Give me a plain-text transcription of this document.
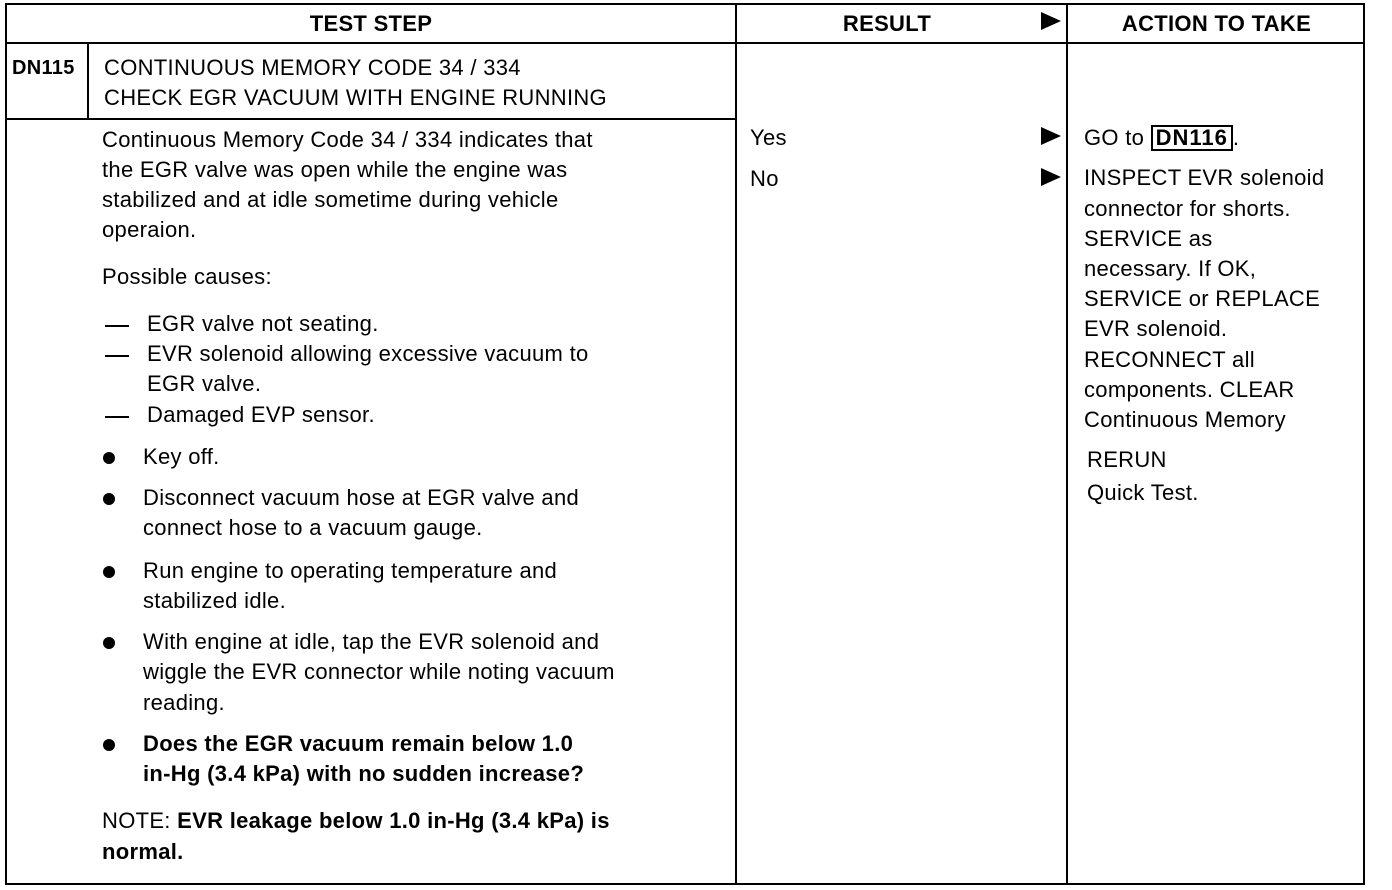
TEST STEP	RESULT	ACTION TO TAKE
DN115 CONTINUOUS MEMORY CODE 34 / 334
CHECK EGR VACUUM WITH ENGINE RUNNING
Continuous Memory Code 34 / 334 indicates that
the EGR valve was open while the engine was
stabilized and at idle sometime during vehicle
operaion.
Possible causes:
EGR valve not seating.
EVR solenoid allowing excessive vacuum to
EGR valve.
Damaged EVP sensor.
Key off.
Disconnect vacuum hose at EGR valve and
connect hose to a vacuum gauge.
Run engine to operating temperature and
stabilized idle.
With engine at idle, tap the EVR solenoid and
wiggle the EVR connector while noting vacuum
reading.
Does the EGR vacuum remain below 1.0
in-Hg (3.4 kPa) with no sudden increase?
NOTE: EVR leakage below 1.0 in-Hg (3.4 kPa) is
normal.
Yes
No
GO to DN116 .
INSPECT EVR solenoid
connector for shorts.
SERVICE as
necessary. If OK,
SERVICE or REPLACE
EVR solenoid.
RECONNECT all
components. CLEAR
Continuous Memory
RERUN
Quick Test.
